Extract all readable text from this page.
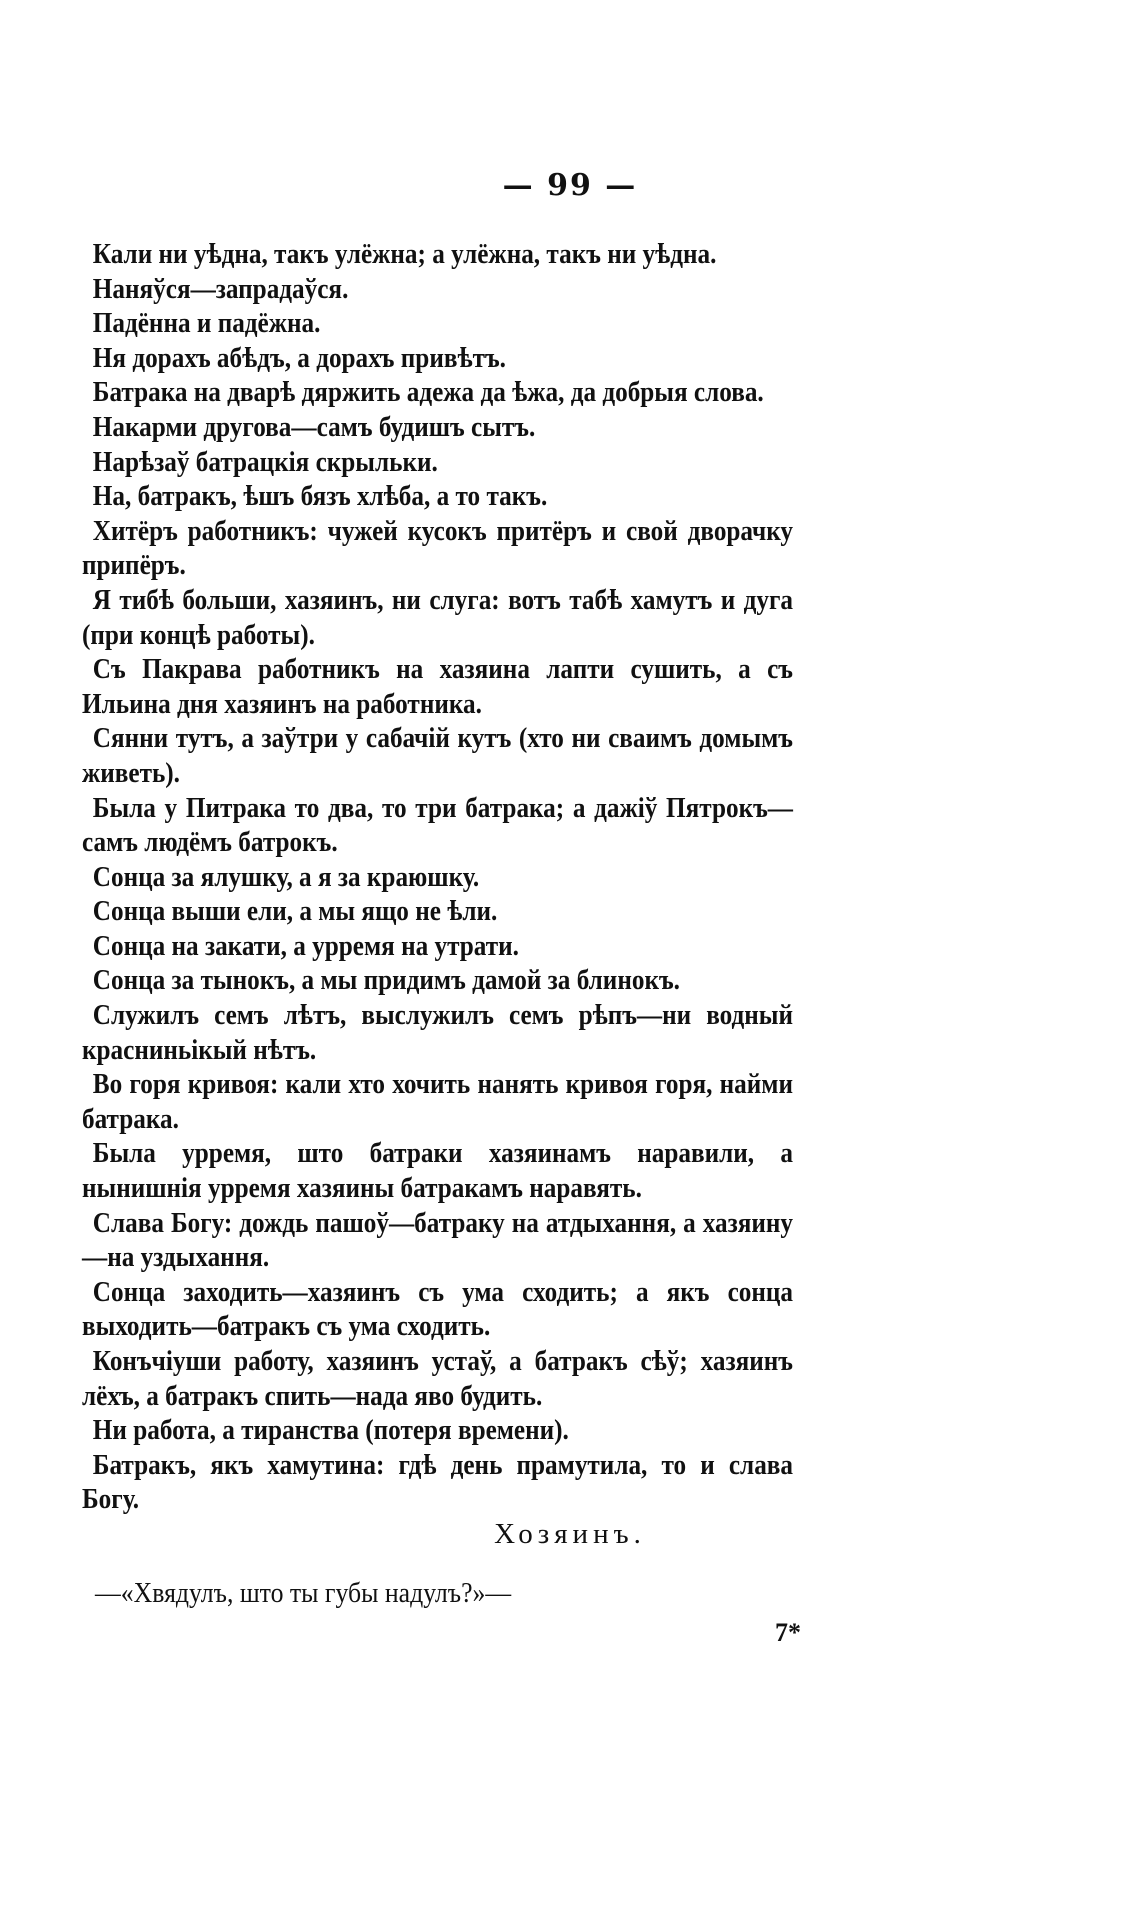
— 99 —

Кали ни уѣдна, такъ улёжна; а улёжна, такъ ни уѣдна.

Наняўся—запрадаўся.

Падённа и падёжна.

Ня дорахъ абѣдъ, а дорахъ привѣтъ.

Батрака на дварѣ дяржить адежа да ѣжа, да добрыя слова.

Накарми другова—самъ будишъ сытъ.

Нарѣзаў батрацкія скрыльки.

На, батракъ, ѣшъ бязъ хлѣба, а то такъ.

Хитёръ работникъ: чужей кусокъ притёръ и свой дворачку припёръ.

Я тибѣ больши, хазяинъ, ни слуга: вотъ табѣ хамутъ и дуга (при концѣ работы).

Съ Пакрава работникъ на хазяина лапти сушить, а съ Ильина дня хазяинъ на работника.

Сянни тутъ, а заўтри у сабачій кутъ (хто ни сваимъ домымъ живеть).

Была у Питрака то два, то три батрака; а дажіў Пятрокъ—самъ людёмъ батрокъ.

Сонца за ялушку, а я за краюшку.

Сонца выши ели, а мы ящо не ѣли.

Сонца на закати, а урремя на утрати.

Сонца за тынокъ, а мы придимъ дамой за блинокъ.

Служилъ семъ лѣтъ, выслужилъ семъ рѣпъ—ни водный красниньікый нѣтъ.

Во горя кривоя: кали хто хочить нанять кривоя горя, найми батрака.

Была урремя, што батраки хазяинамъ наравили, а нынишнія урремя хазяины батракамъ наравять.

Слава Богу: дождь пашоў—батраку на атдыхання, а хазяину—на уздыхання.

Сонца заходить—хазяинъ съ ума сходить; а якъ сонца выходить—батракъ съ ума сходить.

Конъчіуши работу, хазяинъ устаў, а батракъ сѣў; хазяинъ лёхъ, а батракъ спить—нада яво будить.

Ни работа, а тиранства (потеря времени).

Батракъ, якъ хамутина: гдѣ день прамутила, то и слава Богу.

Хозяинъ.
—«Хвядулъ, што ты губы надулъ?»—
7*
